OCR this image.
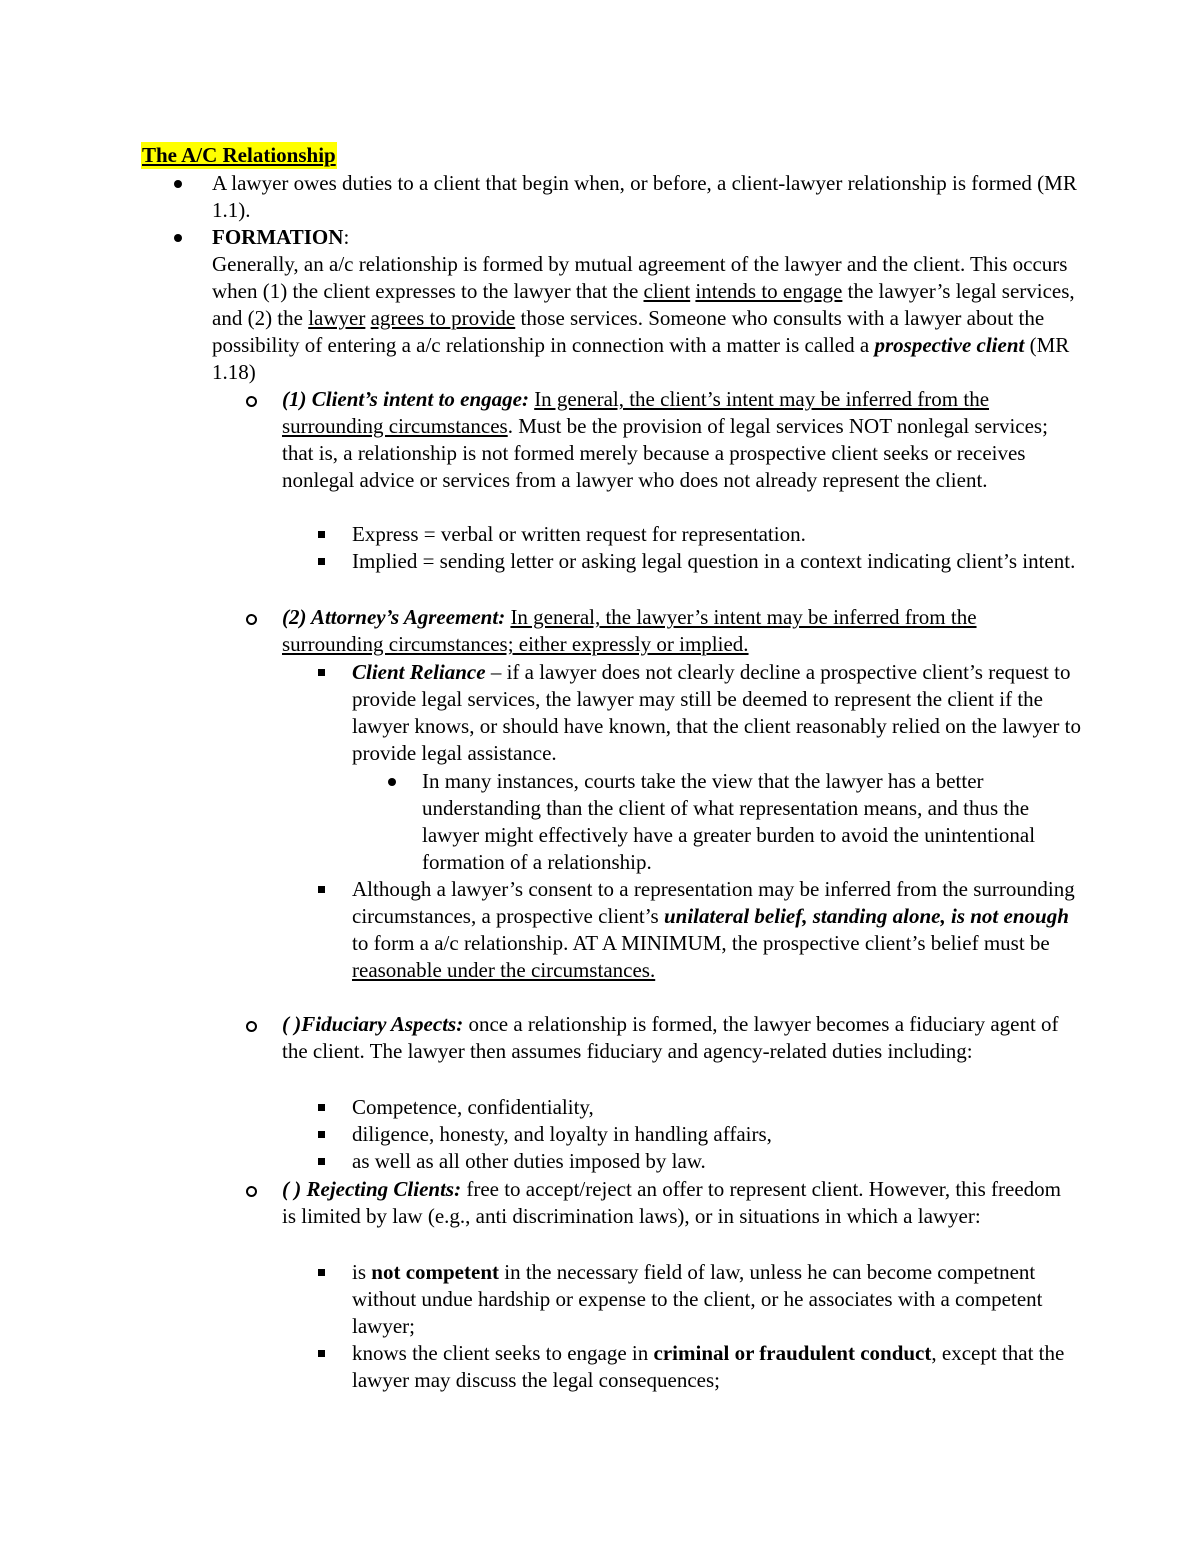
The A/C Relationship

A lawyer owes duties to a client that begin when, or before, a client-lawyer relationship is formed (MR 1.1).

FORMATION:
Generally, an a/c relationship is formed by mutual agreement of the lawyer and the client. This occurs when (1) the client expresses to the lawyer that the client intends to engage the lawyer’s legal services, and (2) the lawyer agrees to provide those services. Someone who consults with a lawyer about the possibility of entering a a/c relationship in connection with a matter is called a prospective client (MR 1.18)

(1) Client’s intent to engage: In general, the client’s intent may be inferred from the surrounding circumstances. Must be the provision of legal services NOT nonlegal services; that is, a relationship is not formed merely because a prospective client seeks or receives nonlegal advice or services from a lawyer who does not already represent the client.

Express = verbal or written request for representation.

Implied = sending letter or asking legal question in a context indicating client’s intent.

(2) Attorney’s Agreement: In general, the lawyer’s intent may be inferred from the surrounding circumstances; either expressly or implied.

Client Reliance – if a lawyer does not clearly decline a prospective client’s request to provide legal services, the lawyer may still be deemed to represent the client if the lawyer knows, or should have known, that the client reasonably relied on the lawyer to provide legal assistance.

In many instances, courts take the view that the lawyer has a better understanding than the client of what representation means, and thus the lawyer might effectively have a greater burden to avoid the unintentional formation of a relationship.

Although a lawyer’s consent to a representation may be inferred from the surrounding circumstances, a prospective client’s unilateral belief, standing alone, is not enough to form a a/c relationship. AT A MINIMUM, the prospective client’s belief must be reasonable under the circumstances.

( )Fiduciary Aspects: once a relationship is formed, the lawyer becomes a fiduciary agent of the client. The lawyer then assumes fiduciary and agency-related duties including:

Competence, confidentiality,

diligence, honesty, and loyalty in handling affairs,

as well as all other duties imposed by law.

( ) Rejecting Clients: free to accept/reject an offer to represent client. However, this freedom is limited by law (e.g., anti discrimination laws), or in situations in which a lawyer:

is not competent in the necessary field of law, unless he can become competnent without undue hardship or expense to the client, or he associates with a competent lawyer;

knows the client seeks to engage in criminal or fraudulent conduct, except that the lawyer may discuss the legal consequences;
